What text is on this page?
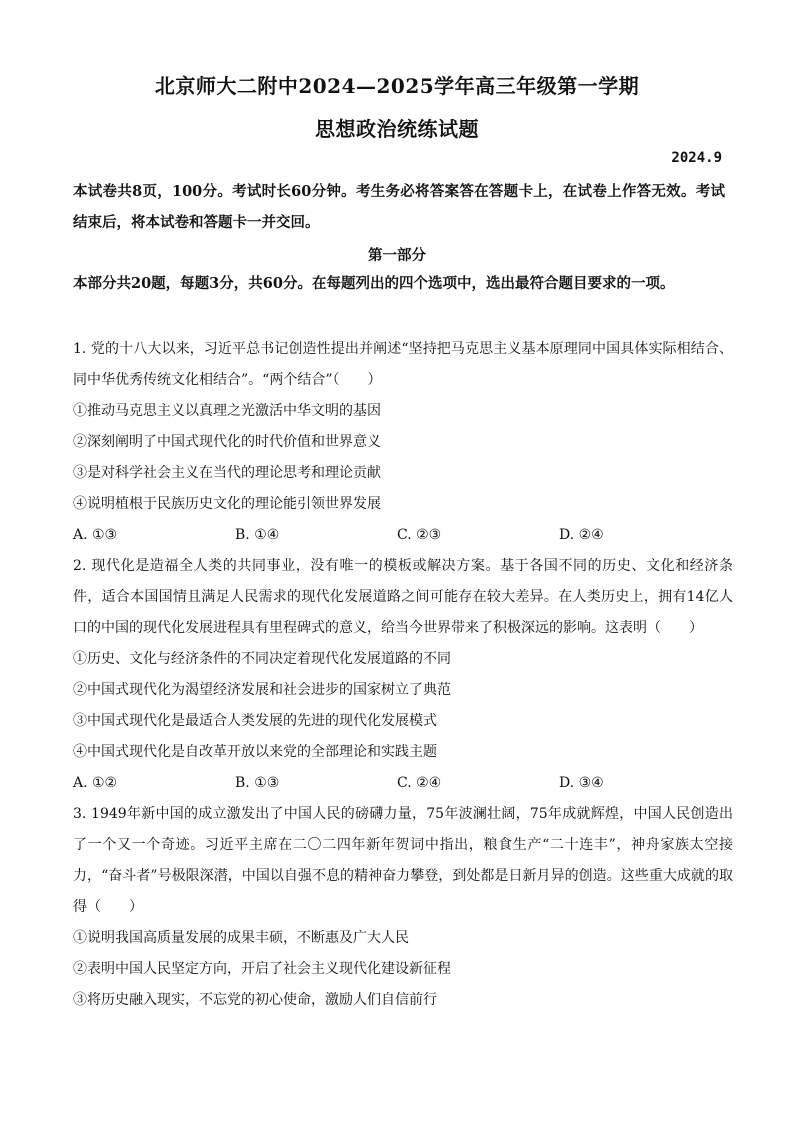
北京师大二附中2024—2025学年高三年级第一学期
思想政治统练试题
2024.9
本试卷共8页，100分。考试时长60分钟。考生务必将答案答在答题卡上，在试卷上作答无效。考试结束后，将本试卷和答题卡一并交回。
第一部分
本部分共20题，每题3分，共60分。在每题列出的四个选项中，选出最符合题目要求的一项。

1. 党的十八大以来，习近平总书记创造性提出并阐述“坚持把马克思主义基本原理同中国具体实际相结合、同中华优秀传统文化相结合”。“两个结合”（　　）

①推动马克思主义以真理之光激活中华文明的基因

②深刻阐明了中国式现代化的时代价值和世界意义

③是对科学社会主义在当代的理论思考和理论贡献

④说明植根于民族历史文化的理论能引领世界发展

A. ①③	B. ①④	C. ②③	D. ②④

2. 现代化是造福全人类的共同事业，没有唯一的模板或解决方案。基于各国不同的历史、文化和经济条件，适合本国国情且满足人民需求的现代化发展道路之间可能存在较大差异。在人类历史上，拥有14亿人口的中国的现代化发展进程具有里程碑式的意义，给当今世界带来了积极深远的影响。这表明（　　）

①历史、文化与经济条件的不同决定着现代化发展道路的不同

②中国式现代化为渴望经济发展和社会进步的国家树立了典范

③中国式现代化是最适合人类发展的先进的现代化发展模式

④中国式现代化是自改革开放以来党的全部理论和实践主题

A. ①②	B. ①③	C. ②④	D. ③④

3. 1949年新中国的成立激发出了中国人民的磅礴力量，75年波澜壮阔，75年成就辉煌，中国人民创造出了一个又一个奇迹。习近平主席在二〇二四年新年贺词中指出，粮食生产“二十连丰”，神舟家族太空接力，“奋斗者”号极限深潜，中国以自强不息的精神奋力攀登，到处都是日新月异的创造。这些重大成就的取得（　　）

①说明我国高质量发展的成果丰硕，不断惠及广大人民

②表明中国人民坚定方向，开启了社会主义现代化建设新征程

③将历史融入现实，不忘党的初心使命，激励人们自信前行
